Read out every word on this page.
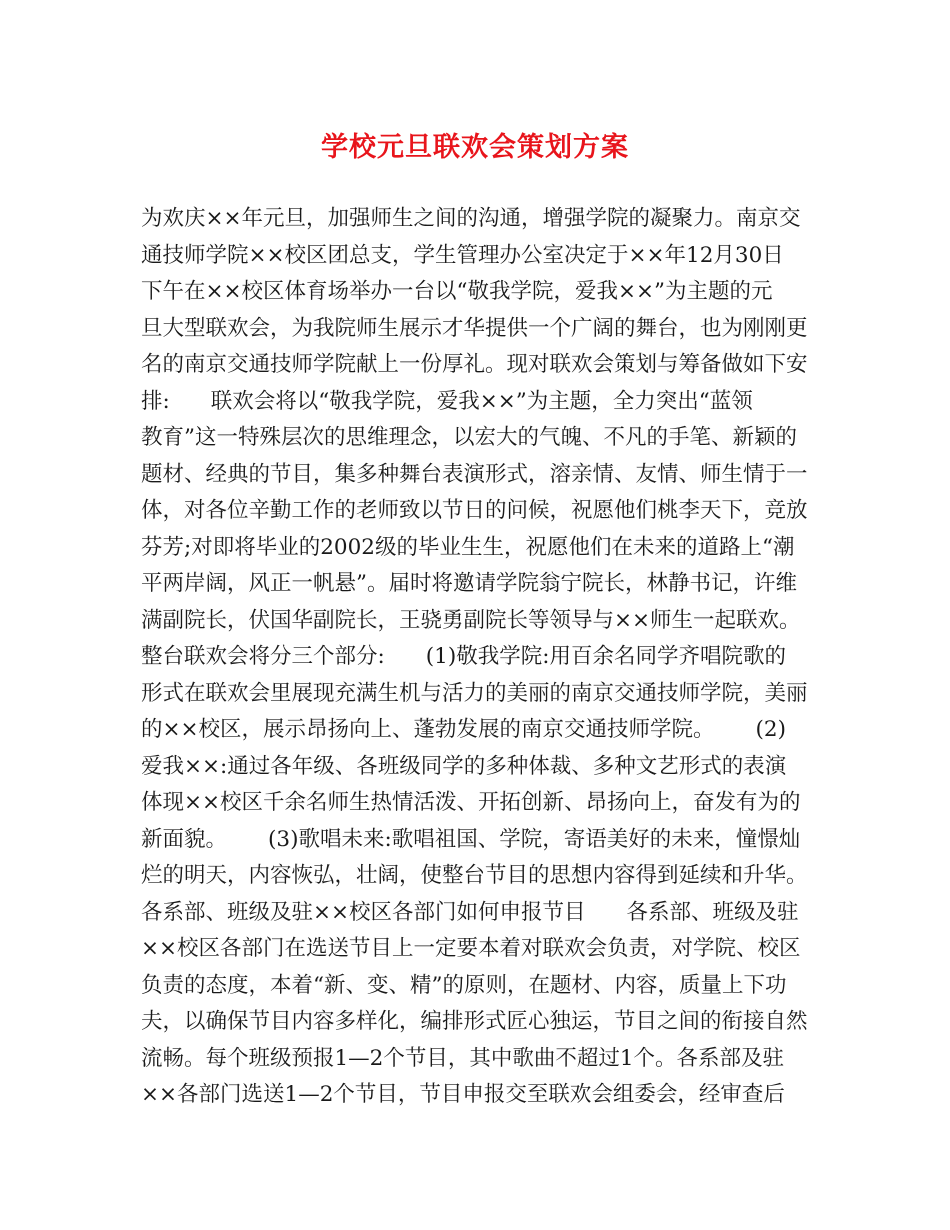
学校元旦联欢会策划方案
为欢庆××年元旦，加强师生之间的沟通，增强学院的凝聚力。南京交
通技师学院××校区团总支，学生管理办公室决定于××年12月30日
下午在××校区体育场举办一台以“敬我学院，爱我××”为主题的元
旦大型联欢会，为我院师生展示才华提供一个广阔的舞台，也为刚刚更
名的南京交通技师学院献上一份厚礼。现对联欢会策划与筹备做如下安
排:      联欢会将以“敬我学院，爱我××”为主题，全力突出“蓝领
教育”这一特殊层次的思维理念，以宏大的气魄、不凡的手笔、新颖的
题材、经典的节目，集多种舞台表演形式，溶亲情、友情、师生情于一
体，对各位辛勤工作的老师致以节日的问候，祝愿他们桃李天下，竞放
芬芳;对即将毕业的2002级的毕业生生，祝愿他们在未来的道路上“潮
平两岸阔，风正一帆悬”。届时将邀请学院翁宁院长，林静书记，许维
满副院长，伏国华副院长，王骁勇副院长等领导与××师生一起联欢。
整台联欢会将分三个部分:      (1)敬我学院:用百余名同学齐唱院歌的
形式在联欢会里展现充满生机与活力的美丽的南京交通技师学院，美丽
的××校区，展示昂扬向上、蓬勃发展的南京交通技师学院。      (2)
爱我××:通过各年级、各班级同学的多种体裁、多种文艺形式的表演
体现××校区千余名师生热情活泼、开拓创新、昂扬向上，奋发有为的
新面貌。      (3)歌唱未来:歌唱祖国、学院，寄语美好的未来，憧憬灿
烂的明天，内容恢弘，壮阔，使整台节目的思想内容得到延续和升华。
各系部、班级及驻××校区各部门如何申报节目      各系部、班级及驻
××校区各部门在选送节目上一定要本着对联欢会负责，对学院、校区
负责的态度，本着“新、变、精”的原则，在题材、内容，质量上下功
夫，以确保节目内容多样化，编排形式匠心独运，节目之间的衔接自然
流畅。每个班级预报1—2个节目，其中歌曲不超过1个。各系部及驻
××各部门选送1—2个节目，节目申报交至联欢会组委会，经审查后
